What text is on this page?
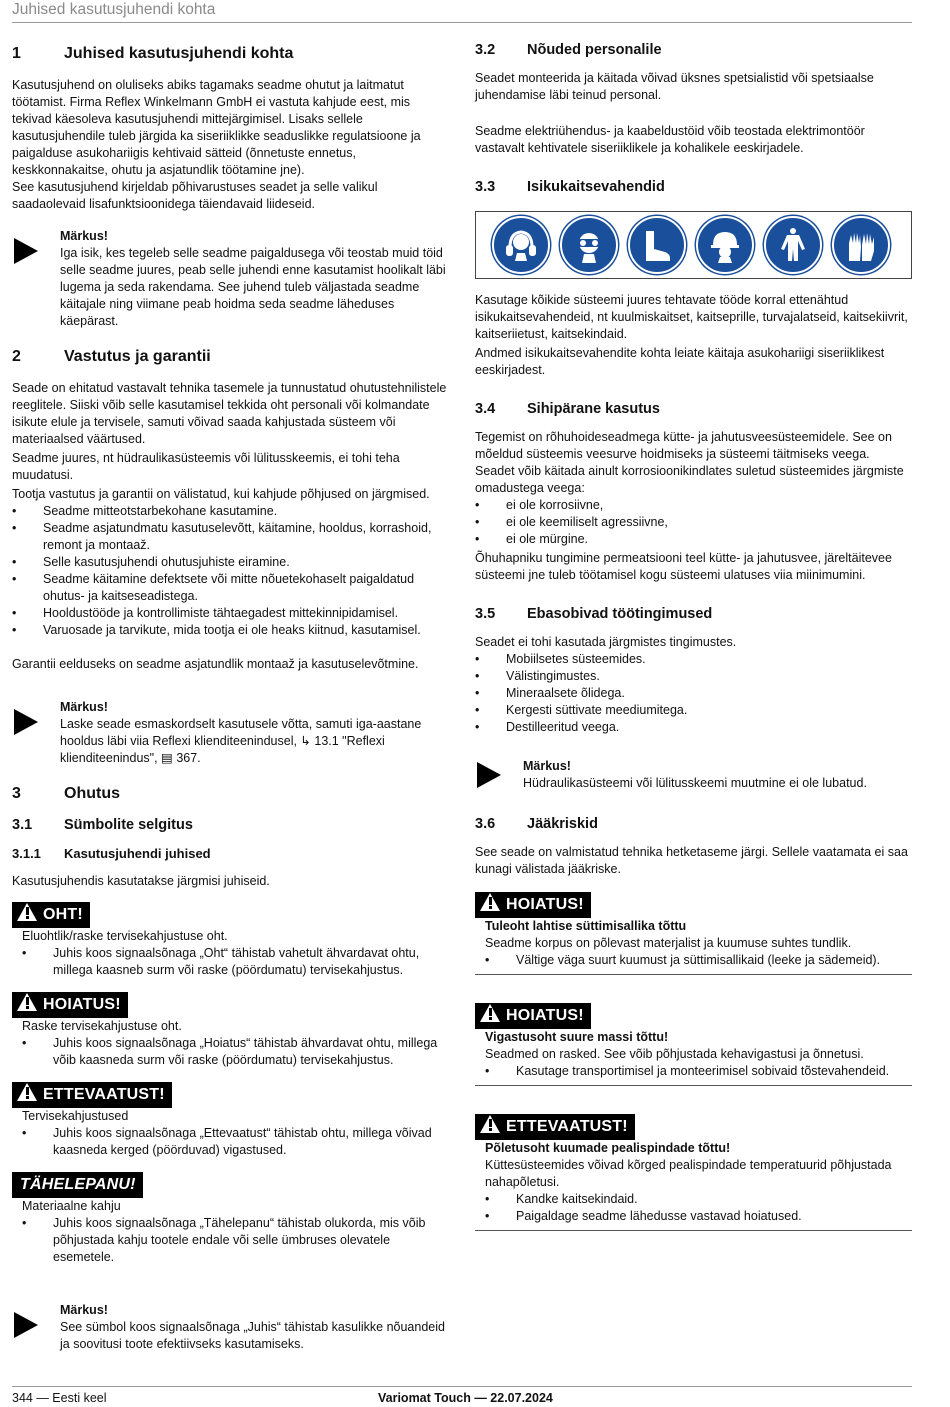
Juhised kasutusjuhendi kohta
1	Juhised kasutusjuhendi kohta

Kasutusjuhend on oluliseks abiks tagamaks seadme ohutut ja laitmatut töötamist. Firma Reflex Winkelmann GmbH ei vastuta kahjude eest, mis tekivad käesoleva kasutusjuhendi mittejärgimisel. Lisaks sellele kasutusjuhendile tuleb järgida ka siseriiklikke seaduslikke regulatsioone ja paigalduse asukohariigis kehtivaid sätteid (õnnetuste ennetus, keskkonnakaitse, ohutu ja asjatundlik töötamine jne).

See kasutusjuhend kirjeldab põhivarustuses seadet ja selle valikul saadaolevaid lisafunktsioonidega täiendavaid liideseid.

Märkus!
Iga isik, kes tegeleb selle seadme paigaldusega või teostab muid töid selle seadme juures, peab selle juhendi enne kasutamist hoolikalt läbi lugema ja seda rakendama. See juhend tuleb väljastada seadme käitajale ning viimane peab hoidma seda seadme läheduses käepärast.
2	Vastutus ja garantii

Seade on ehitatud vastavalt tehnika tasemele ja tunnustatud ohutustehnilistele reeglitele. Siiski võib selle kasutamisel tekkida oht personali või kolmandate isikute elule ja tervisele, samuti võivad saada kahjustada süsteem või materiaalsed väärtused.

Seadme juures, nt hüdraulikasüsteemis või lülitusskeemis, ei tohi teha muudatusi.

Tootja vastutus ja garantii on välistatud, kui kahjude põhjused on järgmised.

• Seadme mitteotstarbekohane kasutamine.
• Seadme asjatundmatu kasutuselevõtt, käitamine, hooldus, korrashoid, remont ja montaaž.
• Selle kasutusjuhendi ohutusjuhiste eiramine.
• Seadme käitamine defektsete või mitte nõuetekohaselt paigaldatud ohutus- ja kaitseseadistega.
• Hooldustööde ja kontrollimiste tähtaegadest mittekinnipidamisel.
• Varuosade ja tarvikute, mida tootja ei ole heaks kiitnud, kasutamisel.

Garantii eelduseks on seadme asjatundlik montaaž ja kasutuselevõtmine.

Märkus!
Laske seade esmaskordselt kasutusele võtta, samuti iga-aastane hooldus läbi viia Reflexi klienditeenindusel, ↳ 13.1 "Reflexi klienditeenindus", ▤ 367.
3	Ohutus
3.1 Sümbolite selgitus
3.1.1 Kasutusjuhendi juhised

Kasutusjuhendis kasutatakse järgmisi juhiseid.

OHT!
Eluohtlik/raske tervisekahjustuse oht.
• Juhis koos signaalsõnaga „Oht“ tähistab vahetult ähvardavat ohtu, millega kaasneb surm või raske (pöördumatu) tervisekahjustus.
HOIATUS!
Raske tervisekahjustuse oht.
• Juhis koos signaalsõnaga „Hoiatus“ tähistab ähvardavat ohtu, millega võib kaasneda surm või raske (pöördumatu) tervisekahjustus.
ETTEVAATUST!
Tervisekahjustused
• Juhis koos signaalsõnaga „Ettevaatust“ tähistab ohtu, millega võivad kaasneda kerged (pöörduvad) vigastused.
TÄHELEPANU!
Materiaalne kahju
• Juhis koos signaalsõnaga „Tähelepanu“ tähistab olukorda, mis võib põhjustada kahju tootele endale või selle ümbruses olevatele esemetele.
Märkus!
See sümbol koos signaalsõnaga „Juhis“ tähistab kasulikke nõuandeid ja soovitusi toote efektiivseks kasutamiseks.
3.2 Nõuded personalile

Seadet monteerida ja käitada võivad üksnes spetsialistid või spetsiaalse juhendamise läbi teinud personal.

Seadme elektriühendus- ja kaabeldustöid võib teostada elektrimontöör vastavalt kehtivatele siseriiklikele ja kohalikele eeskirjadele.

3.3 Isikukaitsevahendid

Kasutage kõikide süsteemi juures tehtavate tööde korral ettenähtud isikukaitsevahendeid, nt kuulmiskaitset, kaitseprille, turvajalatseid, kaitsekiivrit, kaitseriietust, kaitsekindaid.

Andmed isikukaitsevahendite kohta leiate käitaja asukohariigi siseriiklikest eeskirjadest.

3.4 Sihipärane kasutus

Tegemist on rõhuhoideseadmega kütte- ja jahutusveesüsteemidele. See on mõeldud süsteemis veesurve hoidmiseks ja süsteemi täitmiseks veega. Seadet võib käitada ainult korrosioonikindlates suletud süsteemides järgmiste omadustega veega:

• ei ole korrosiivne,
• ei ole keemiliselt agressiivne,
• ei ole mürgine.

Õhuhapniku tungimine permeatsiooni teel kütte- ja jahutusvee, järeltäitevee süsteemi jne tuleb töötamisel kogu süsteemi ulatuses viia miinimumini.

3.5 Ebasobivad töötingimused

Seadet ei tohi kasutada järgmistes tingimustes.

• Mobiilsetes süsteemides.
• Välistingimustes.
• Mineraalsete õlidega.
• Kergesti süttivate meediumitega.
• Destilleeritud veega.
Märkus!
Hüdraulikasüsteemi või lülitusskeemi muutmine ei ole lubatud.
3.6 Jääkriskid

See seade on valmistatud tehnika hetketaseme järgi. Sellele vaatamata ei saa kunagi välistada jääkriske.

HOIATUS!
Tuleoht lahtise süttimisallika tõttu
Seadme korpus on põlevast materjalist ja kuumuse suhtes tundlik.
• Vältige väga suurt kuumust ja süttimisallikaid (leeke ja sädemeid).
HOIATUS!
Vigastusoht suure massi tõttu!
Seadmed on rasked. See võib põhjustada kehavigastusi ja õnnetusi.
• Kasutage transportimisel ja monteerimisel sobivaid tõstevahendeid.
ETTEVAATUST!
Põletusoht kuumade pealispindade tõttu!
Küttesüsteemides võivad kõrged pealispindade temperatuurid põhjustada nahapõletusi.
• Kandke kaitsekindaid.
• Paigaldage seadme lähedusse vastavad hoiatused.
344 — Eesti keel	Variomat Touch — 22.07.2024
